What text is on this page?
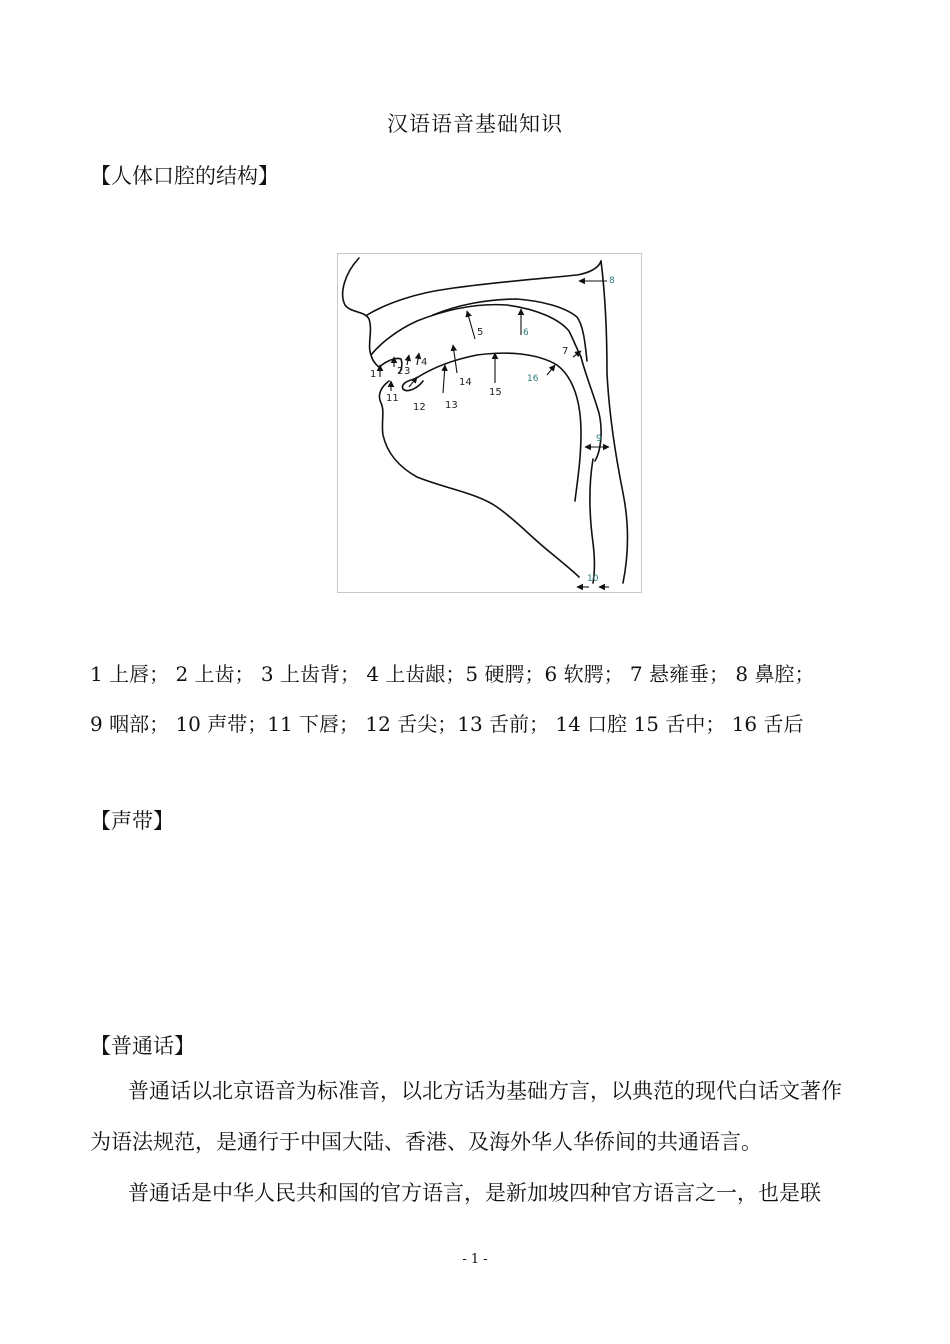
汉语语音基础知识
【人体口腔的结构】
1 2 3
4
5	6
7
8
9
10
11
12 13
14
15
16
1 上唇； 2 上齿； 3 上齿背； 4 上齿龈；5 硬腭；6 软腭； 7 悬雍垂； 8 鼻腔；
9 咽部； 10 声带；11 下唇； 12 舌尖；13 舌前； 14 口腔 15 舌中； 16 舌后
【声带】
【普通话】
普通话以北京语音为标准音，以北方话为基础方言，以典范的现代白话文著作为语法规范，是通行于中国大陆、香港、及海外华人华侨间的共通语言。
普通话是中华人民共和国的官方语言，是新加坡四种官方语言之一，也是联
- 1 -
